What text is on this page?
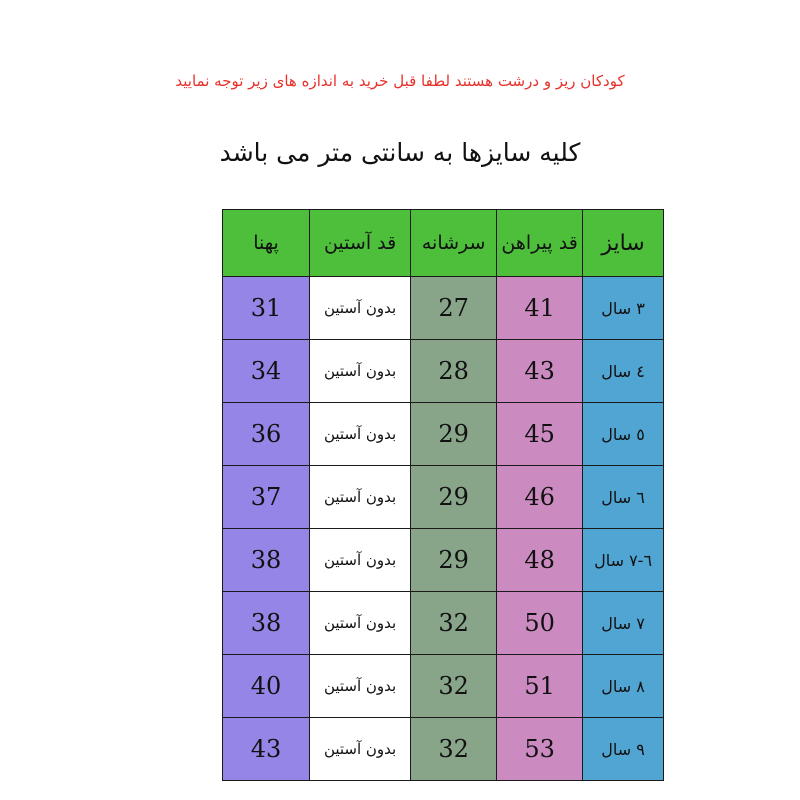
کودکان ریز و درشت هستند لطفا قبل خرید به اندازه های زیر توجه نمایید
کلیه سایزها به سانتی متر می باشد
سایز	قد پیراهن	سرشانه	قد آستین	پهنا
۳ سال	41	27	بدون آستین	31
٤ سال	43	28	بدون آستین	34
٥ سال	45	29	بدون آستین	36
٦ سال	46	29	بدون آستین	37
٦-٧ سال	48	29	بدون آستین	38
٧ سال	50	32	بدون آستین	38
۸ سال	51	32	بدون آستین	40
۹ سال	53	32	بدون آستین	43
